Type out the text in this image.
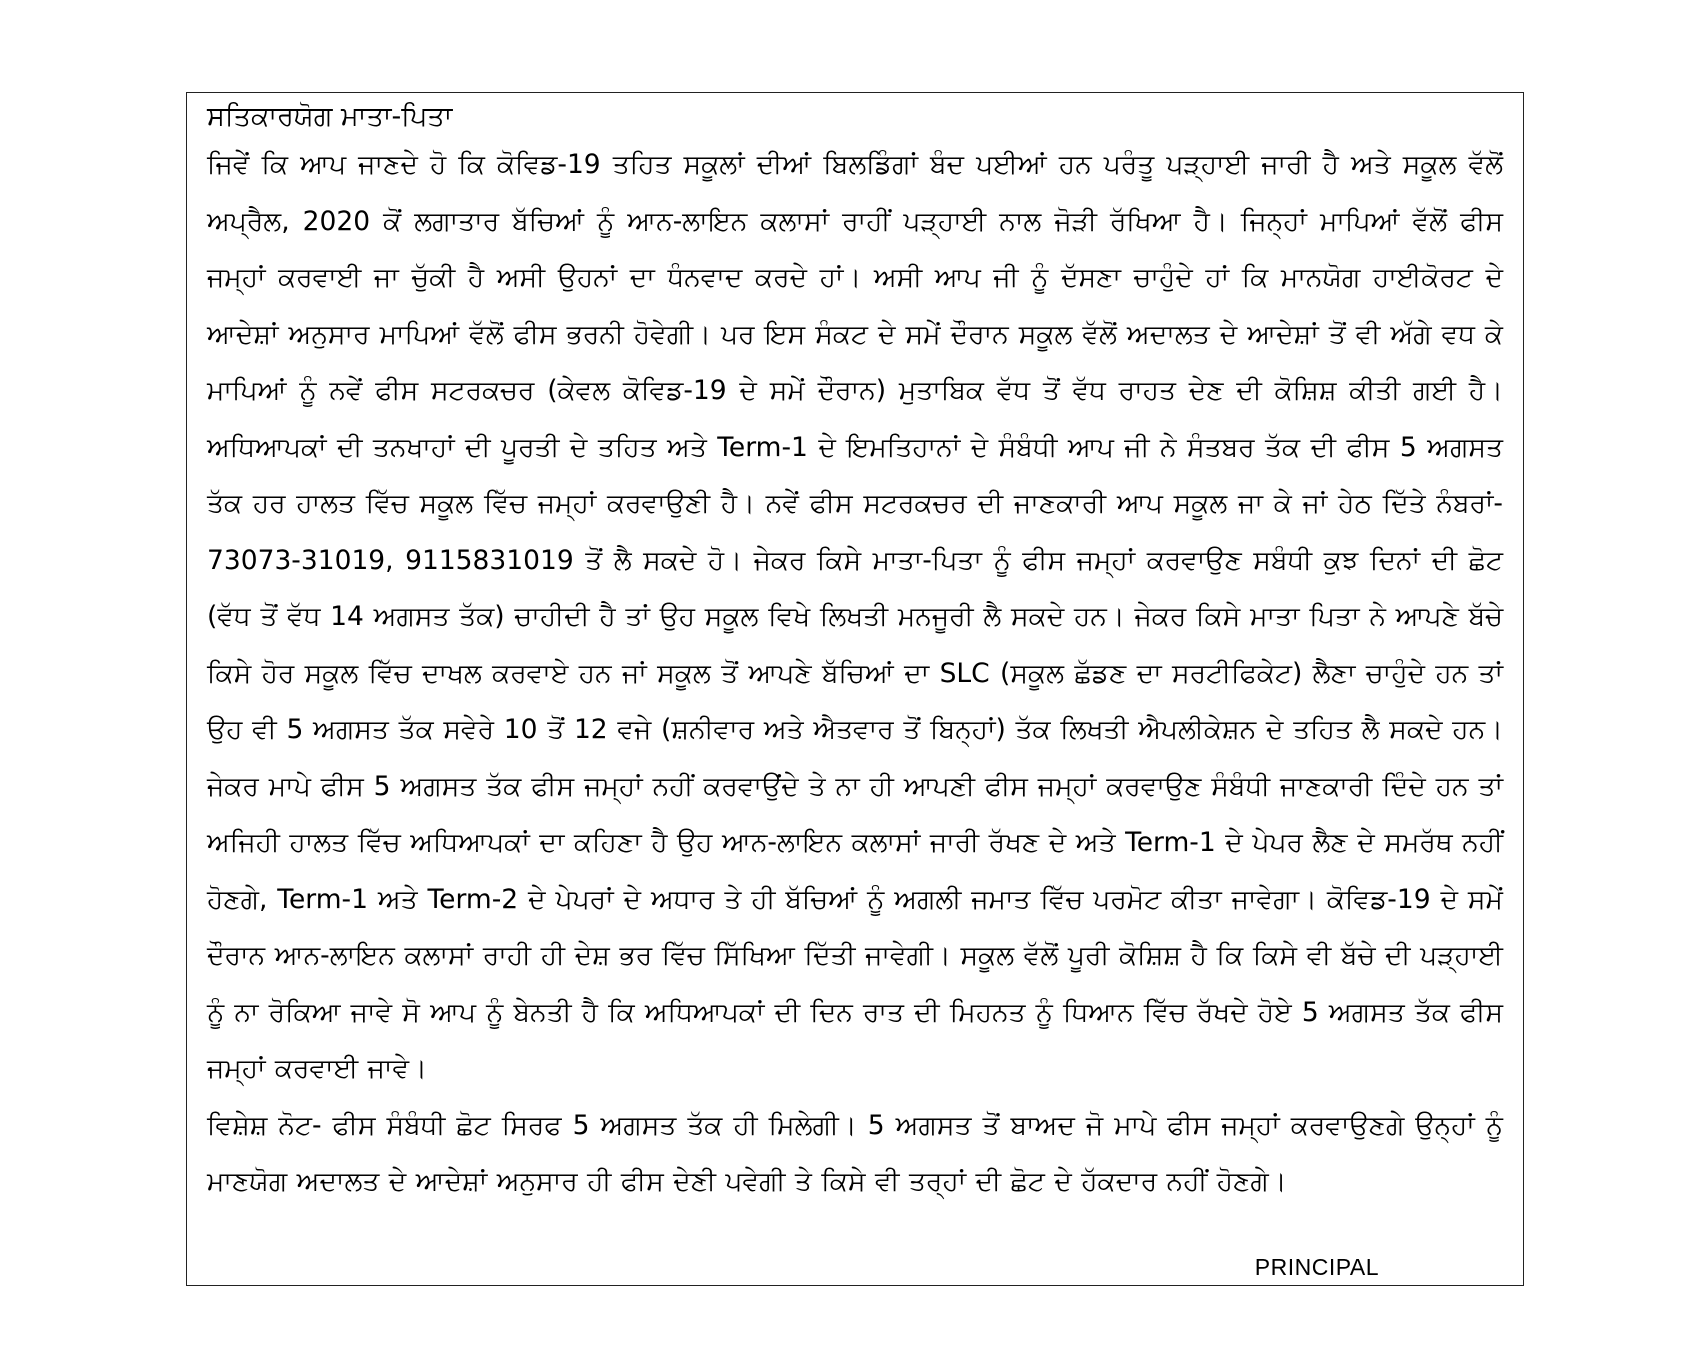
ਸਤਿਕਾਰਯੋਗ ਮਾਤਾ-ਪਿਤਾ

ਜਿਵੇਂ ਕਿ ਆਪ ਜਾਣਦੇ ਹੋ ਕਿ ਕੋਵਿਡ-19 ਤਹਿਤ ਸਕੂਲਾਂ ਦੀਆਂ ਬਿਲਡਿੰਗਾਂ ਬੰਦ ਪਈਆਂ ਹਨ ਪਰੰਤੂ ਪੜ੍ਹਾਈ ਜਾਰੀ ਹੈ ਅਤੇ ਸਕੂਲ ਵੱਲੋਂ ਅਪ੍ਰੈਲ, 2020 ਕੋਂ ਲਗਾਤਾਰ ਬੱਚਿਆਂ ਨੂੰ ਆਨ-ਲਾਇਨ ਕਲਾਸਾਂ ਰਾਹੀਂ ਪੜ੍ਹਾਈ ਨਾਲ ਜੋੜੀ ਰੱਖਿਆ ਹੈ। ਜਿਨ੍ਹਾਂ ਮਾਪਿਆਂ ਵੱਲੋਂ ਫੀਸ ਜਮ੍ਹਾਂ ਕਰਵਾਈ ਜਾ ਚੁੱਕੀ ਹੈ ਅਸੀ ਉਹਨਾਂ ਦਾ ਧੰਨਵਾਦ ਕਰਦੇ ਹਾਂ। ਅਸੀ ਆਪ ਜੀ ਨੂੰ ਦੱਸਣਾ ਚਾਹੁੰਦੇ ਹਾਂ ਕਿ ਮਾਨਯੋਗ ਹਾਈਕੋਰਟ ਦੇ ਆਦੇਸ਼ਾਂ ਅਨੁਸਾਰ ਮਾਪਿਆਂ ਵੱਲੋਂ ਫੀਸ ਭਰਨੀ ਹੋਵੇਗੀ। ਪਰ ਇਸ ਸੰਕਟ ਦੇ ਸਮੇਂ ਦੌਰਾਨ ਸਕੂਲ ਵੱਲੋਂ ਅਦਾਲਤ ਦੇ ਆਦੇਸ਼ਾਂ ਤੋਂ ਵੀ ਅੱਗੇ ਵਧ ਕੇ ਮਾਪਿਆਂ ਨੂੰ ਨਵੇਂ ਫੀਸ ਸਟਰਕਚਰ (ਕੇਵਲ ਕੋਵਿਡ-19 ਦੇ ਸਮੇਂ ਦੌਰਾਨ) ਮੁਤਾਬਿਕ ਵੱਧ ਤੋਂ ਵੱਧ ਰਾਹਤ ਦੇਣ ਦੀ ਕੋਸ਼ਿਸ਼ ਕੀਤੀ ਗਈ ਹੈ। ਅਧਿਆਪਕਾਂ ਦੀ ਤਨਖਾਹਾਂ ਦੀ ਪੂਰਤੀ ਦੇ ਤਹਿਤ ਅਤੇ Term-1 ਦੇ ਇਮਤਿਹਾਨਾਂ ਦੇ ਸੰਬੰਧੀ ਆਪ ਜੀ ਨੇ ਸੰਤਬਰ ਤੱਕ ਦੀ ਫੀਸ 5 ਅਗਸਤ ਤੱਕ ਹਰ ਹਾਲਤ ਵਿੱਚ ਸਕੂਲ ਵਿੱਚ ਜਮ੍ਹਾਂ ਕਰਵਾਉਣੀ ਹੈ। ਨਵੇਂ ਫੀਸ ਸਟਰਕਚਰ ਦੀ ਜਾਣਕਾਰੀ ਆਪ ਸਕੂਲ ਜਾ ਕੇ ਜਾਂ ਹੇਠ ਦਿੱਤੇ ਨੰਬਰਾਂ- 73073-31019, 9115831019 ਤੋਂ ਲੈ ਸਕਦੇ ਹੋ। ਜੇਕਰ ਕਿਸੇ ਮਾਤਾ-ਪਿਤਾ ਨੂੰ ਫੀਸ ਜਮ੍ਹਾਂ ਕਰਵਾਉਣ ਸਬੰਧੀ ਕੁਝ ਦਿਨਾਂ ਦੀ ਛੋਟ (ਵੱਧ ਤੋਂ ਵੱਧ 14 ਅਗਸਤ ਤੱਕ) ਚਾਹੀਦੀ ਹੈ ਤਾਂ ਉਹ ਸਕੂਲ ਵਿਖੇ ਲਿਖਤੀ ਮਨਜੂਰੀ ਲੈ ਸਕਦੇ ਹਨ। ਜੇਕਰ ਕਿਸੇ ਮਾਤਾ ਪਿਤਾ ਨੇ ਆਪਣੇ ਬੱਚੇ ਕਿਸੇ ਹੋਰ ਸਕੂਲ ਵਿੱਚ ਦਾਖਲ ਕਰਵਾਏ ਹਨ ਜਾਂ ਸਕੂਲ ਤੋਂ ਆਪਣੇ ਬੱਚਿਆਂ ਦਾ SLC (ਸਕੂਲ ਛੱਡਣ ਦਾ ਸਰਟੀਫਿਕੇਟ) ਲੈਣਾ ਚਾਹੁੰਦੇ ਹਨ ਤਾਂ ਉਹ ਵੀ 5 ਅਗਸਤ ਤੱਕ ਸਵੇਰੇ 10 ਤੋਂ 12 ਵਜੇ (ਸ਼ਨੀਵਾਰ ਅਤੇ ਐਤਵਾਰ ਤੋਂ ਬਿਨ੍ਹਾਂ) ਤੱਕ ਲਿਖਤੀ ਐਪਲੀਕੇਸ਼ਨ ਦੇ ਤਹਿਤ ਲੈ ਸਕਦੇ ਹਨ। ਜੇਕਰ ਮਾਪੇ ਫੀਸ 5 ਅਗਸਤ ਤੱਕ ਫੀਸ ਜਮ੍ਹਾਂ ਨਹੀਂ ਕਰਵਾਉਂਦੇ ਤੇ ਨਾ ਹੀ ਆਪਣੀ ਫੀਸ ਜਮ੍ਹਾਂ ਕਰਵਾਉਣ ਸੰਬੰਧੀ ਜਾਣਕਾਰੀ ਦਿੰਦੇ ਹਨ ਤਾਂ ਅਜਿਹੀ ਹਾਲਤ ਵਿੱਚ ਅਧਿਆਪਕਾਂ ਦਾ ਕਹਿਣਾ ਹੈ ਉਹ ਆਨ-ਲਾਇਨ ਕਲਾਸਾਂ ਜਾਰੀ ਰੱਖਣ ਦੇ ਅਤੇ Term-1 ਦੇ ਪੇਪਰ ਲੈਣ ਦੇ ਸਮਰੱਥ ਨਹੀਂ ਹੋਣਗੇ, Term-1 ਅਤੇ Term-2 ਦੇ ਪੇਪਰਾਂ ਦੇ ਅਧਾਰ ਤੇ ਹੀ ਬੱਚਿਆਂ ਨੂੰ ਅਗਲੀ ਜਮਾਤ ਵਿੱਚ ਪਰਮੋਟ ਕੀਤਾ ਜਾਵੇਗਾ। ਕੋਵਿਡ-19 ਦੇ ਸਮੇਂ ਦੌਰਾਨ ਆਨ-ਲਾਇਨ ਕਲਾਸਾਂ ਰਾਹੀ ਹੀ ਦੇਸ਼ ਭਰ ਵਿੱਚ ਸਿੱਖਿਆ ਦਿੱਤੀ ਜਾਵੇਗੀ। ਸਕੂਲ ਵੱਲੋਂ ਪੂਰੀ ਕੋਸ਼ਿਸ਼ ਹੈ ਕਿ ਕਿਸੇ ਵੀ ਬੱਚੇ ਦੀ ਪੜ੍ਹਾਈ ਨੂੰ ਨਾ ਰੋਕਿਆ ਜਾਵੇ ਸੋ ਆਪ ਨੂੰ ਬੇਨਤੀ ਹੈ ਕਿ ਅਧਿਆਪਕਾਂ ਦੀ ਦਿਨ ਰਾਤ ਦੀ ਮਿਹਨਤ ਨੂੰ ਧਿਆਨ ਵਿੱਚ ਰੱਖਦੇ ਹੋਏ 5 ਅਗਸਤ ਤੱਕ ਫੀਸ ਜਮ੍ਹਾਂ ਕਰਵਾਈ ਜਾਵੇ।

ਵਿਸ਼ੇਸ਼ ਨੋਟ- ਫੀਸ ਸੰਬੰਧੀ ਛੋਟ ਸਿਰਫ 5 ਅਗਸਤ ਤੱਕ ਹੀ ਮਿਲੇਗੀ। 5 ਅਗਸਤ ਤੋਂ ਬਾਅਦ ਜੋ ਮਾਪੇ ਫੀਸ ਜਮ੍ਹਾਂ ਕਰਵਾਉਣਗੇ ਉਨ੍ਹਾਂ ਨੂੰ ਮਾਣਯੋਗ ਅਦਾਲਤ ਦੇ ਆਦੇਸ਼ਾਂ ਅਨੁਸਾਰ ਹੀ ਫੀਸ ਦੇਣੀ ਪਵੇਗੀ ਤੇ ਕਿਸੇ ਵੀ ਤਰ੍ਹਾਂ ਦੀ ਛੋਟ ਦੇ ਹੱਕਦਾਰ ਨਹੀਂ ਹੋਣਗੇ।

PRINCIPAL
